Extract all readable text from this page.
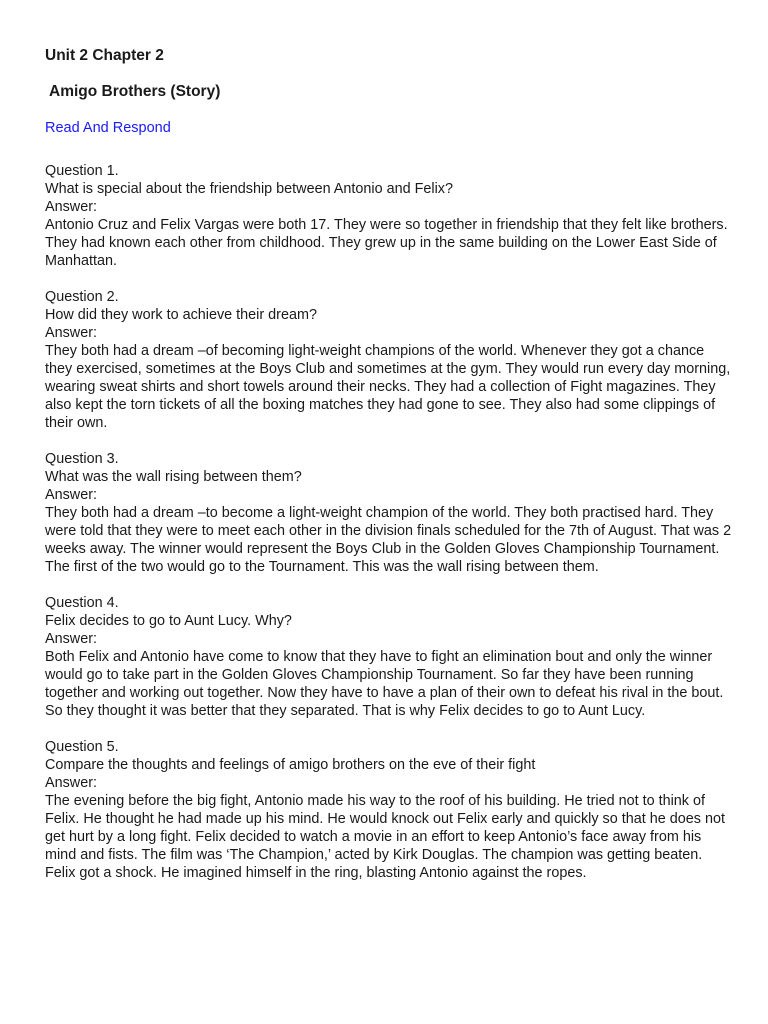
Unit 2 Chapter 2
Amigo Brothers (Story)
Read And Respond
Question 1.
What is special about the friendship between Antonio and Felix?
Answer:
Antonio Cruz and Felix Vargas were both 17. They were so together in friendship that they felt like brothers. They had known each other from childhood. They grew up in the same building on the Lower East Side of Manhattan.
Question 2.
How did they work to achieve their dream?
Answer:
They both had a dream –of becoming light-weight champions of the world. Whenever they got a chance they exercised, sometimes at the Boys Club and sometimes at the gym. They would run every day morning, wearing sweat shirts and short towels around their necks. They had a collection of Fight magazines. They also kept the torn tickets of all the boxing matches they had gone to see. They also had some clippings of their own.
Question 3.
What was the wall rising between them?
Answer:
They both had a dream –to become a light-weight champion of the world. They both practised hard. They were told that they were to meet each other in the division finals scheduled for the 7th of August. That was 2 weeks away. The winner would represent the Boys Club in the Golden Gloves Championship Tournament. The first of the two would go to the Tournament. This was the wall rising between them.
Question 4.
Felix decides to go to Aunt Lucy. Why?
Answer:
Both Felix and Antonio have come to know that they have to fight an elimination bout and only the winner would go to take part in the Golden Gloves Championship Tournament. So far they have been running together and working out together. Now they have to have a plan of their own to defeat his rival in the bout. So they thought it was better that they separated. That is why Felix decides to go to Aunt Lucy.
Question 5.
Compare the thoughts and feelings of amigo brothers on the eve of their fight
Answer:
The evening before the big fight, Antonio made his way to the roof of his building. He tried not to think of Felix. He thought he had made up his mind. He would knock out Felix early and quickly so that he does not get hurt by a long fight. Felix decided to watch a movie in an effort to keep Antonio’s face away from his mind and fists. The film was ‘The Champion,’ acted by Kirk Douglas. The champion was getting beaten. Felix got a shock. He imagined himself in the ring, blasting Antonio against the ropes.
